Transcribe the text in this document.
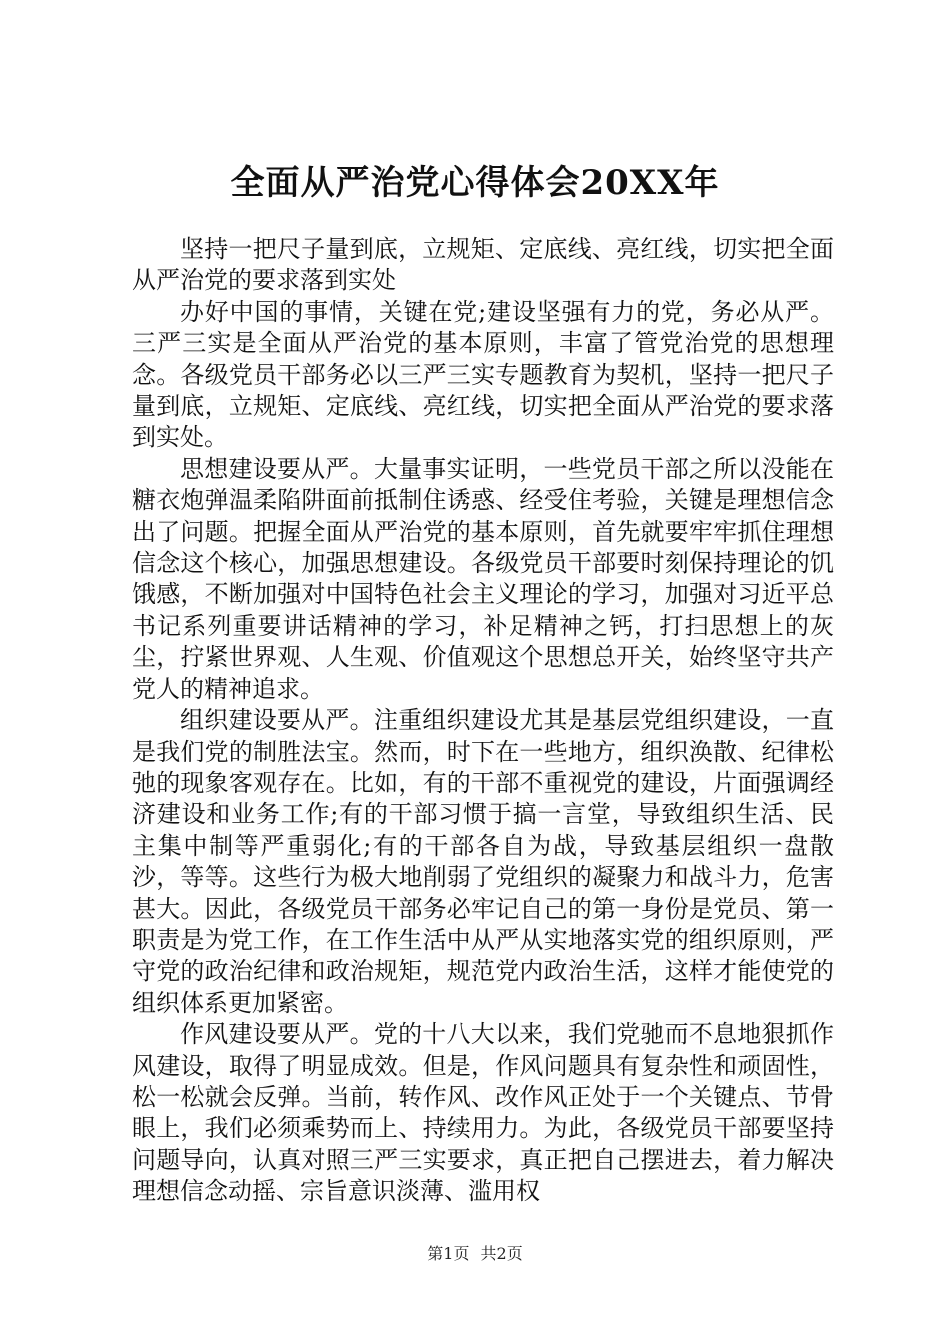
全面从严治党心得体会20XX年

坚持一把尺子量到底，立规矩、定底线、亮红线，切实把全面从严治党的要求落到实处

办好中国的事情，关键在党;建设坚强有力的党，务必从严。三严三实是全面从严治党的基本原则，丰富了管党治党的思想理念。各级党员干部务必以三严三实专题教育为契机，坚持一把尺子量到底，立规矩、定底线、亮红线，切实把全面从严治党的要求落到实处。

思想建设要从严。大量事实证明，一些党员干部之所以没能在糖衣炮弹温柔陷阱面前抵制住诱惑、经受住考验，关键是理想信念出了问题。把握全面从严治党的基本原则，首先就要牢牢抓住理想信念这个核心，加强思想建设。各级党员干部要时刻保持理论的饥饿感，不断加强对中国特色社会主义理论的学习，加强对习近平总书记系列重要讲话精神的学习，补足精神之钙，打扫思想上的灰尘，拧紧世界观、人生观、价值观这个思想总开关，始终坚守共产党人的精神追求。

组织建设要从严。注重组织建设尤其是基层党组织建设，一直是我们党的制胜法宝。然而，时下在一些地方，组织涣散、纪律松弛的现象客观存在。比如，有的干部不重视党的建设，片面强调经济建设和业务工作;有的干部习惯于搞一言堂，导致组织生活、民主集中制等严重弱化;有的干部各自为战，导致基层组织一盘散沙，等等。这些行为极大地削弱了党组织的凝聚力和战斗力，危害甚大。因此，各级党员干部务必牢记自己的第一身份是党员、第一职责是为党工作，在工作生活中从严从实地落实党的组织原则，严守党的政治纪律和政治规矩，规范党内政治生活，这样才能使党的组织体系更加紧密。

作风建设要从严。党的十八大以来，我们党驰而不息地狠抓作风建设，取得了明显成效。但是，作风问题具有复杂性和顽固性，松一松就会反弹。当前，转作风、改作风正处于一个关键点、节骨眼上，我们必须乘势而上、持续用力。为此，各级党员干部要坚持问题导向，认真对照三严三实要求，真正把自己摆进去，着力解决理想信念动摇、宗旨意识淡薄、滥用权

第1页 共2页
